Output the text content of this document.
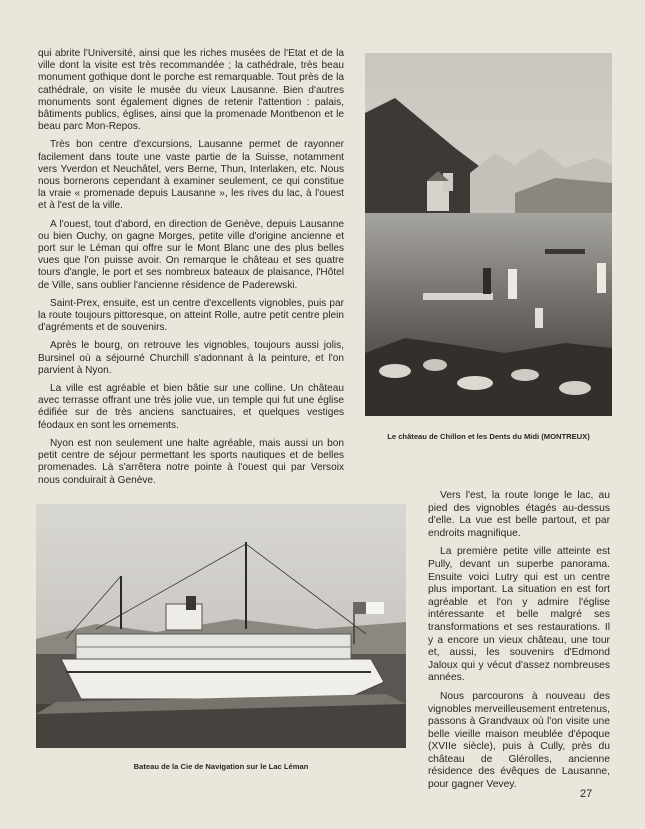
qui abrite l'Université, ainsi que les riches musées de l'Etat et de la ville dont la visite est très recommandée ; la cathédrale, très beau monument gothique dont le porche est remarquable. Tout près de la cathédrale, on visite le musée du vieux Lausanne. Bien d'autres monuments sont également dignes de retenir l'attention : palais, bâtiments publics, églises, ainsi que la promenade Montbenon et le beau parc Mon-Repos.

Très bon centre d'excursions, Lausanne permet de rayonner facilement dans toute une vaste partie de la Suisse, notamment vers Yverdon et Neuchâtel, vers Berne, Thun, Interlaken, etc. Nous nous bornerons cependant à examiner seulement, ce qui constitue la vraie « promenade depuis Lausanne », les rives du lac, à l'ouest et à l'est de la ville.

A l'ouest, tout d'abord, en direction de Genève, depuis Lausanne ou bien Ouchy, on gagne Morges, petite ville d'origine ancienne et port sur le Léman qui offre sur le Mont Blanc une des plus belles vues que l'on puisse avoir. On remarque le château et ses quatre tours d'angle, le port et ses nombreux bateaux de plaisance, l'Hôtel de Ville, sans oublier l'ancienne résidence de Paderewski.

Saint-Prex, ensuite, est un centre d'excellents vignobles, puis par la route toujours pittoresque, on atteint Rolle, autre petit centre plein d'agréments et de souvenirs.

Après le bourg, on retrouve les vignobles, toujours aussi jolis, Bursinel où a séjourné Churchill s'adonnant à la peinture, et l'on parvient à Nyon.

La ville est agréable et bien bâtie sur une colline. Un château avec terrasse offrant une très jolie vue, un temple qui fut une église édifiée sur de très anciens sanctuaires, et quelques vestiges féodaux en sont les ornements.

Nyon est non seulement une halte agréable, mais aussi un bon petit centre de séjour permettant les sports nautiques et de belles promenades. Là s'arrêtera notre pointe à l'ouest qui par Versoix nous conduirait à Genève.

Le château de Chillon et les Dents du Midi (MONTREUX)
Bateau de la Cie de Navigation sur le Lac Léman

Vers l'est, la route longe le lac, au pied des vignobles étagés au-dessus d'elle. La vue est belle partout, et par endroits magnifique.

La première petite ville atteinte est Pully, devant un superbe panorama. Ensuite voici Lutry qui est un centre plus important. La situation en est fort agréable et l'on y admire l'église intéressante et belle malgré ses transformations et ses restaurations. Il y a encore un vieux château, une tour et, aussi, les souvenirs d'Edmond Jaloux qui y vécut d'assez nombreuses années.

Nous parcourons à nouveau des vignobles merveilleusement entretenus, passons à Grandvaux où l'on visite une belle vieille maison meublée d'époque (XVIIe siècle), puis à Cully, près du château de Glérolles, ancienne résidence des évêques de Lausanne, pour gagner Vevey.

27
